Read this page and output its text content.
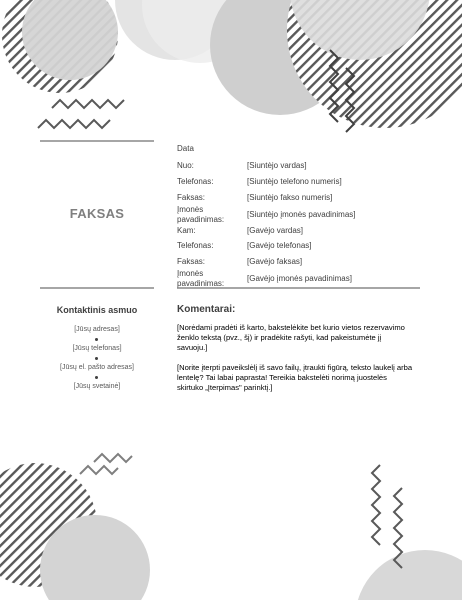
FAKSAS
Data
Nuo:	[Siuntėjo vardas]
Telefonas:	[Siuntėjo telefono numeris]
Faksas:	[Siuntėjo fakso numeris]
Įmonės pavadinimas:
[Siuntėjo įmonės pavadinimas]
Kam:	[Gavėjo vardas]
Telefonas:	[Gavėjo telefonas]
Faksas:	[Gavėjo faksas]
Įmonės pavadinimas:
[Gavėjo įmonės pavadinimas]
Kontaktinis asmuo
[Jūsų adresas]
[Jūsų telefonas]
[Jūsų el. pašto adresas]
[Jūsų svetainė]
Komentarai:
[Norėdami pradėti iš karto, bakstelėkite bet kurio vietos rezervavimo ženklo tekstą (pvz., šį) ir pradėkite rašyti, kad pakeistumėte jį savuoju.]
[Norite įterpti paveikslėlį iš savo failų, įtraukti figūrą, teksto laukelį arba lentelę? Tai labai paprasta! Tereikia bakstelėti norimą juostelės skirtuko „Įterpimas" parinktį.]
